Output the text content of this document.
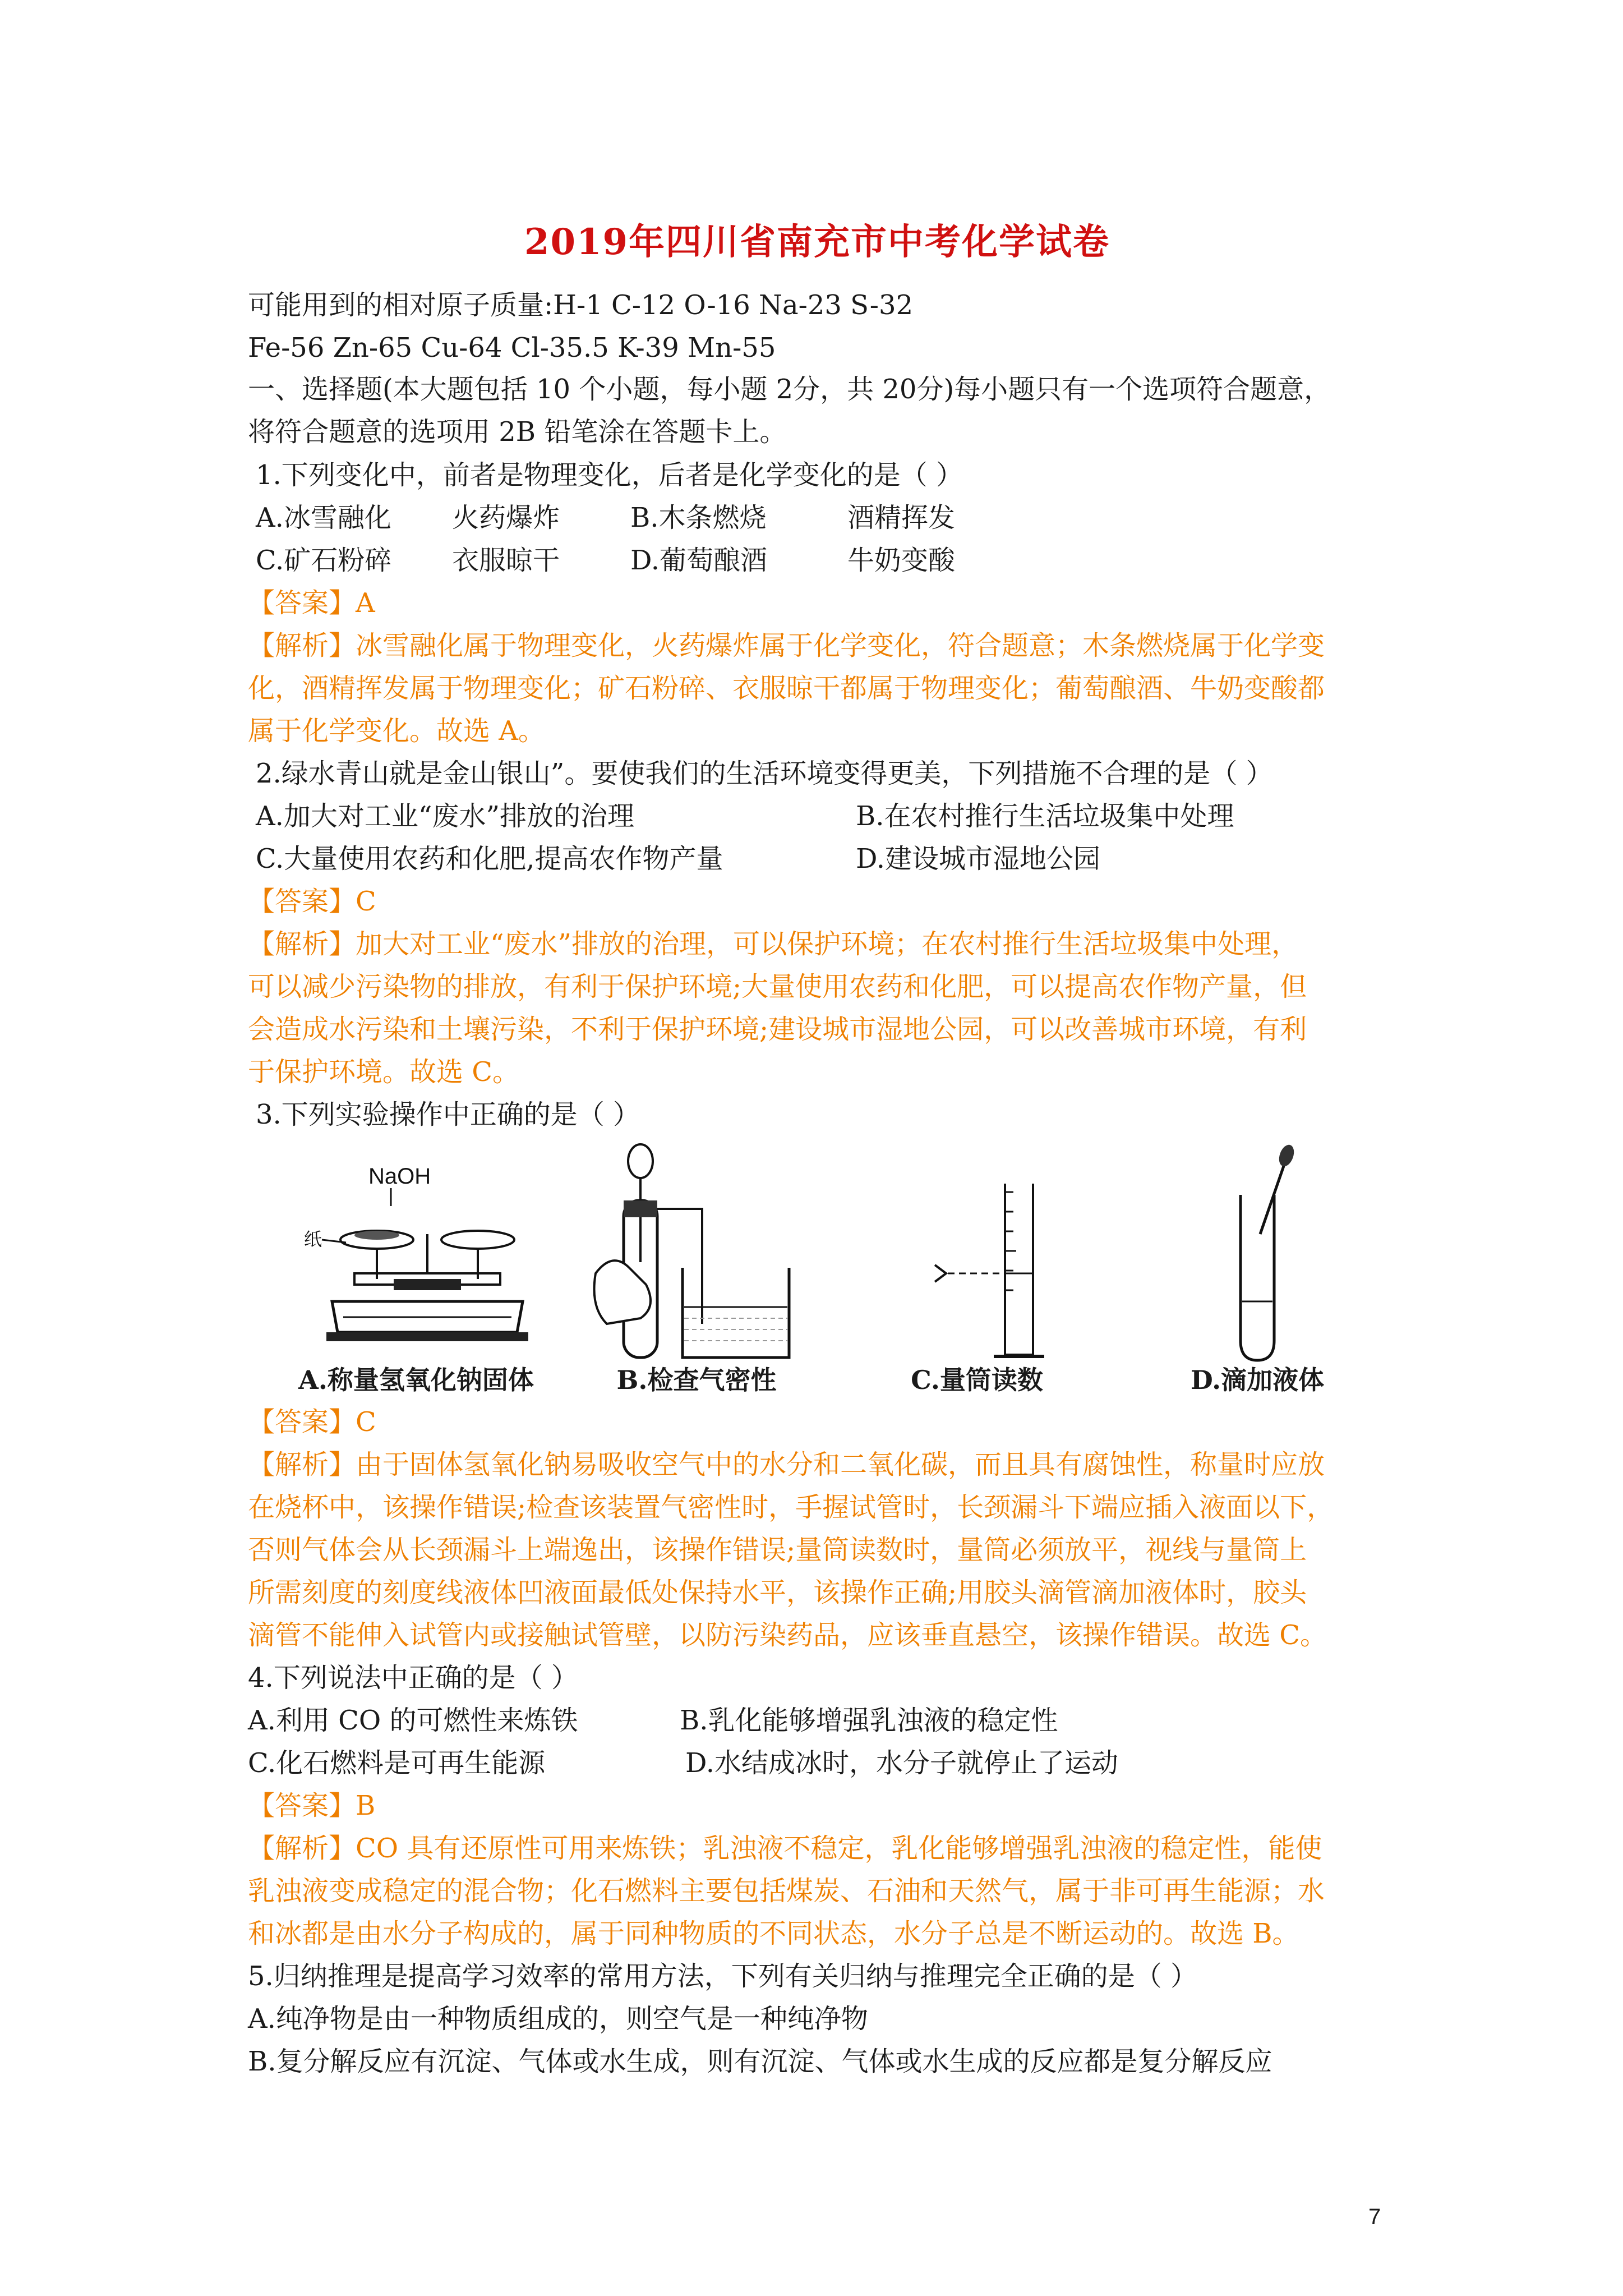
2019年四川省南充市中考化学试卷
可能用到的相对原子质量:H-1 C-12 O-16 Na-23 S-32
Fe-56 Zn-65 Cu-64 Cl-35.5 K-39 Mn-55
一、选择题(本大题包括 10 个小题，每小题 2分，共 20分)每小题只有一个选项符合题意，
将符合题意的选项用 2B 铅笔涂在答题卡上。
1.下列变化中，前者是物理变化，后者是化学变化的是（ ）
A.冰雪融化 火药爆炸	B.木条燃烧	酒精挥发
C.矿石粉碎 衣服晾干	D.葡萄酿酒	牛奶变酸
【答案】A
【解析】冰雪融化属于物理变化，火药爆炸属于化学变化，符合题意；木条燃烧属于化学变
化，酒精挥发属于物理变化；矿石粉碎、衣服晾干都属于物理变化；葡萄酿酒、牛奶变酸都
属于化学变化。故选 A。
2.绿水青山就是金山银山”。要使我们的生活环境变得更美，下列措施不合理的是（ ）
A.加大对工业“废水”排放的治理	B.在农村推行生活垃圾集中处理
C.大量使用农药和化肥,提高农作物产量	D.建设城市湿地公园
【答案】C
【解析】加大对工业“废水”排放的治理，可以保护环境；在农村推行生活垃圾集中处理，
可以减少污染物的排放，有利于保护环境;大量使用农药和化肥，可以提高农作物产量，但
会造成水污染和土壤污染，不利于保护环境;建设城市湿地公园，可以改善城市环境，有利
于保护环境。故选 C。
3.下列实验操作中正确的是（ ）
NaOH
纸
A.称量氢氧化钠固体	B.检查气密性	C.量筒读数	D.滴加液体
【答案】C
【解析】由于固体氢氧化钠易吸收空气中的水分和二氧化碳，而且具有腐蚀性，称量时应放
在烧杯中，该操作错误;检查该装置气密性时，手握试管时，长颈漏斗下端应插入液面以下，
否则气体会从长颈漏斗上端逸出，该操作错误;量筒读数时，量筒必须放平，视线与量筒上
所需刻度的刻度线液体凹液面最低处保持水平，该操作正确;用胶头滴管滴加液体时，胶头
滴管不能伸入试管内或接触试管壁，以防污染药品，应该垂直悬空，该操作错误。故选 C。
4.下列说法中正确的是（ ）
A.利用 CO 的可燃性来炼铁	B.乳化能够增强乳浊液的稳定性
C.化石燃料是可再生能源	D.水结成冰时，水分子就停止了运动
【答案】B
【解析】CO 具有还原性可用来炼铁；乳浊液不稳定，乳化能够增强乳浊液的稳定性，能使
乳浊液变成稳定的混合物；化石燃料主要包括煤炭、石油和天然气，属于非可再生能源；水
和冰都是由水分子构成的，属于同种物质的不同状态，水分子总是不断运动的。故选 B。
5.归纳推理是提高学习效率的常用方法，下列有关归纳与推理完全正确的是（ ）
A.纯净物是由一种物质组成的，则空气是一种纯净物
B.复分解反应有沉淀、气体或水生成，则有沉淀、气体或水生成的反应都是复分解反应
7
